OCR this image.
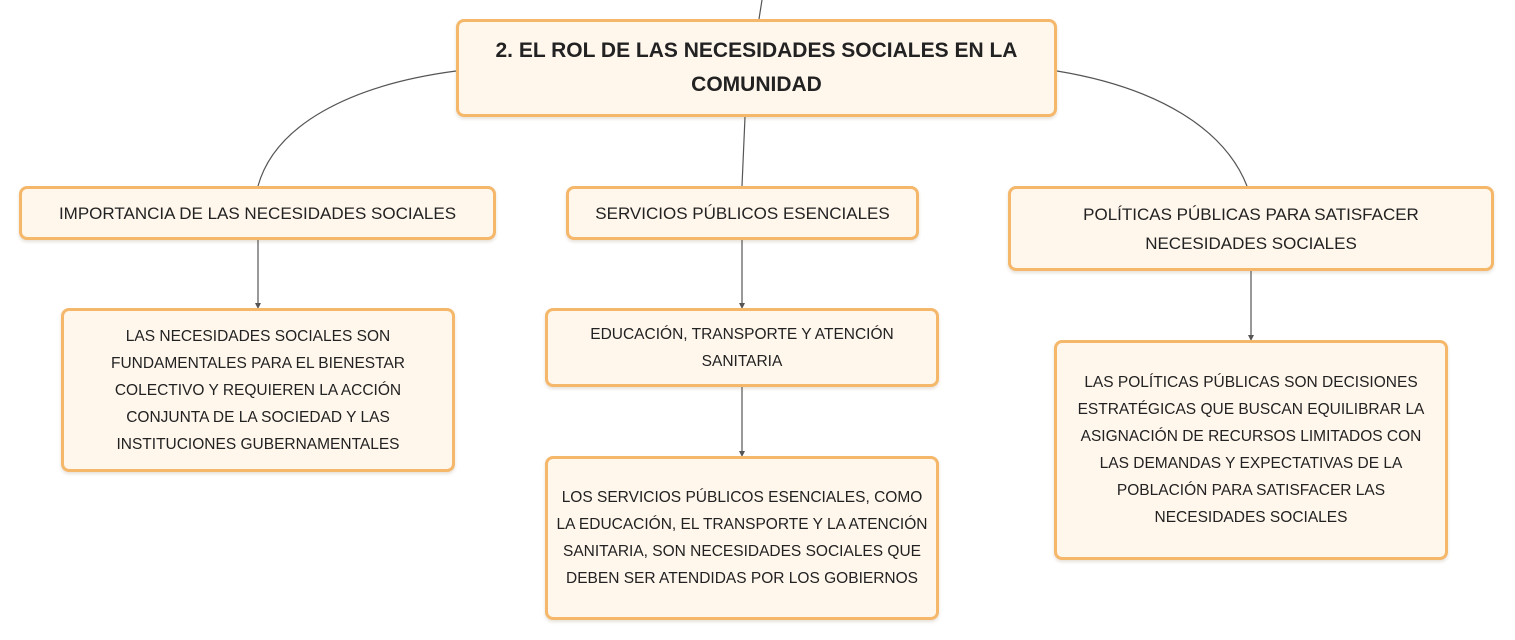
2. EL ROL DE LAS NECESIDADES SOCIALES EN LA COMUNIDAD
IMPORTANCIA DE LAS NECESIDADES SOCIALES	SERVICIOS PÚBLICOS ESENCIALES	POLÍTICAS PÚBLICAS PARA SATISFACER NECESIDADES SOCIALES
LAS NECESIDADES SOCIALES SON FUNDAMENTALES PARA EL BIENESTAR COLECTIVO Y REQUIEREN LA ACCIÓN CONJUNTA DE LA SOCIEDAD Y LAS INSTITUCIONES GUBERNAMENTALES
EDUCACIÓN, TRANSPORTE Y ATENCIÓN SANITARIA
LOS SERVICIOS PÚBLICOS ESENCIALES, COMO LA EDUCACIÓN, EL TRANSPORTE Y LA ATENCIÓN SANITARIA, SON NECESIDADES SOCIALES QUE DEBEN SER ATENDIDAS POR LOS GOBIERNOS
LAS POLÍTICAS PÚBLICAS SON DECISIONES ESTRATÉGICAS QUE BUSCAN EQUILIBRAR LA ASIGNACIÓN DE RECURSOS LIMITADOS CON LAS DEMANDAS Y EXPECTATIVAS DE LA POBLACIÓN PARA SATISFACER LAS NECESIDADES SOCIALES
